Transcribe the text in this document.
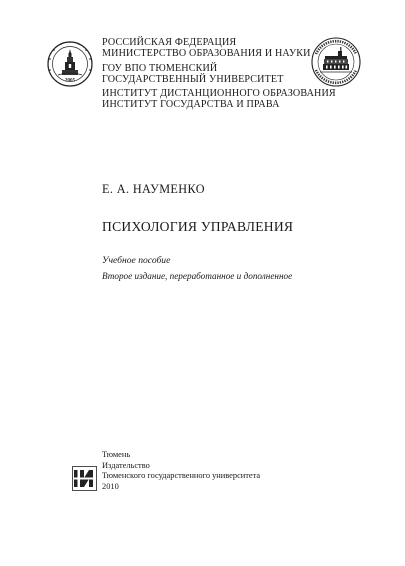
2005
РОССИЙСКАЯ ФЕДЕРАЦИЯ
МИНИСТЕРСТВО ОБРАЗОВАНИЯ И НАУКИ
ГОУ ВПО ТЮМЕНСКИЙ
ГОСУДАРСТВЕННЫЙ УНИВЕРСИТЕТ
ИНСТИТУТ ДИСТАНЦИОННОГО ОБРАЗОВАНИЯ
ИНСТИТУТ ГОСУДАРСТВА И ПРАВА
Е. А. НАУМЕНКО
ПСИХОЛОГИЯ УПРАВЛЕНИЯ
Учебное пособие
Второе издание, переработанное и дополненное
Тюмень
Издательство
Тюменского государственного университета
2010
